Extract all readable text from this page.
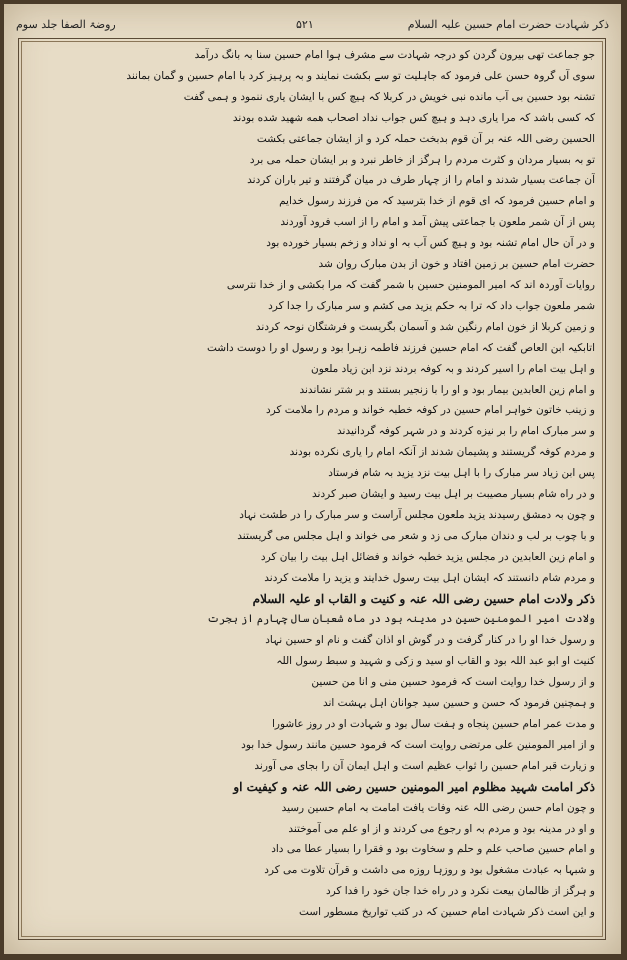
ذکر شہادت حضرت امام حسین علیہ السلام
۵۲۱
روضۃ الصفا جلد سوم

جو جماعت تھی بیرون گردن کو درجہ شہادت سے مشرف ہوا امام حسین سنا بہ بانگ درآمد

سوی آں گروہ حسن علی فرمود که جاہلیت تو سے بکشت نمایند و بہ پرہیز کرد با امام حسین و گمان بمانند

تشنہ بود حسین بی آب مانده نبی خویش در کربلا کہ ہیچ کس با ایشان یاری ننمود و ہمی گفت

کہ کسی باشد کہ مرا یاری دہد و ہیچ کس جواب نداد اصحاب همه شهید شده بودند

الحسین رضی اللہ عنہ بر آن قوم بدبخت حملہ کرد و از ایشان جماعتی بکشت

تو بہ بسیار مردان و کثرت مردم را ہرگز از خاطر نبرد و بر ایشان حملہ می برد

آن جماعت بسیار شدند و امام را از چہار طرف در میان گرفتند و تیر باران کردند

و امام حسین فرمود کہ ای قوم از خدا بترسید کہ من فرزند رسول خدایم

پس از آن شمر ملعون با جماعتی پیش آمد و امام را از اسب فرود آوردند

و در آن حال امام تشنہ بود و ہیچ کس آب بہ او نداد و زخم بسیار خورده بود

حضرت امام حسین بر زمین افتاد و خون از بدن مبارک روان شد

روایات آوردہ اند کہ امیر المومنین حسین با شمر گفت کہ مرا بکشی و از خدا نترسی

شمر ملعون جواب داد کہ ترا بہ حکم یزید می کشم و سر مبارک را جدا کرد

و زمین کربلا از خون امام رنگین شد و آسمان بگریست و فرشتگان نوحہ کردند

اتابکیہ ابن العاص گفت کہ امام حسین فرزند فاطمہ زہرا بود و رسول او را دوست داشت

و اہل بیت امام را اسیر کردند و بہ کوفہ بردند نزد ابن زیاد ملعون

و امام زین العابدین بیمار بود و او را با زنجیر بستند و بر شتر نشاندند

و زینب خاتون خواہر امام حسین در کوفہ خطبہ خواند و مردم را ملامت کرد

و سر مبارک امام را بر نیزه کردند و در شہر کوفہ گردانیدند

و مردم کوفہ گریستند و پشیمان شدند از آنکہ امام را یاری نکرده بودند

پس ابن زیاد سر مبارک را با اہل بیت نزد یزید بہ شام فرستاد

و در راه شام بسیار مصیبت بر اہل بیت رسید و ایشان صبر کردند

و چون بہ دمشق رسیدند یزید ملعون مجلس آراست و سر مبارک را در طشت نہاد

و با چوب بر لب و دندان مبارک می زد و شعر می خواند و اہل مجلس می گریستند

و امام زین العابدین در مجلس یزید خطبہ خواند و فضائل اہل بیت را بیان کرد

و مردم شام دانستند کہ ایشان اہل بیت رسول خدایند و یزید را ملامت کردند

ذکر ولادت امام حسین رضی اللہ عنہ و کنیت و القاب او علیہ السلام

ولادت امیر المومنین حسین در مدینہ بود در ماه شعبان سال چہارم از ہجرت

و رسول خدا او را در کنار گرفت و در گوش او اذان گفت و نام او حسین نہاد

کنیت او ابو عبد اللہ بود و القاب او سید و زکی و شہید و سبط رسول اللہ

و از رسول خدا روایت است کہ فرمود حسین منی و انا من حسین

و ہمچنین فرمود کہ حسن و حسین سید جوانان اہل بہشت اند

و مدت عمر امام حسین پنجاه و ہفت سال بود و شہادت او در روز عاشورا

و از امیر المومنین علی مرتضی روایت است کہ فرمود حسین مانند رسول خدا بود

و زیارت قبر امام حسین را ثواب عظیم است و اہل ایمان آن را بجای می آورند

ذکر امامت شہید مظلوم امیر المومنین حسین رضی اللہ عنہ و کیفیت او

و چون امام حسن رضی اللہ عنہ وفات یافت امامت بہ امام حسین رسید

و او در مدینہ بود و مردم بہ او رجوع می کردند و از او علم می آموختند

و امام حسین صاحب علم و حلم و سخاوت بود و فقرا را بسیار عطا می داد

و شبہا بہ عبادت مشغول بود و روزہا روزه می داشت و قرآن تلاوت می کرد

و ہرگز از ظالمان بیعت نکرد و در راه خدا جان خود را فدا کرد

و این است ذکر شہادت امام حسین کہ در کتب تواریخ مسطور است
